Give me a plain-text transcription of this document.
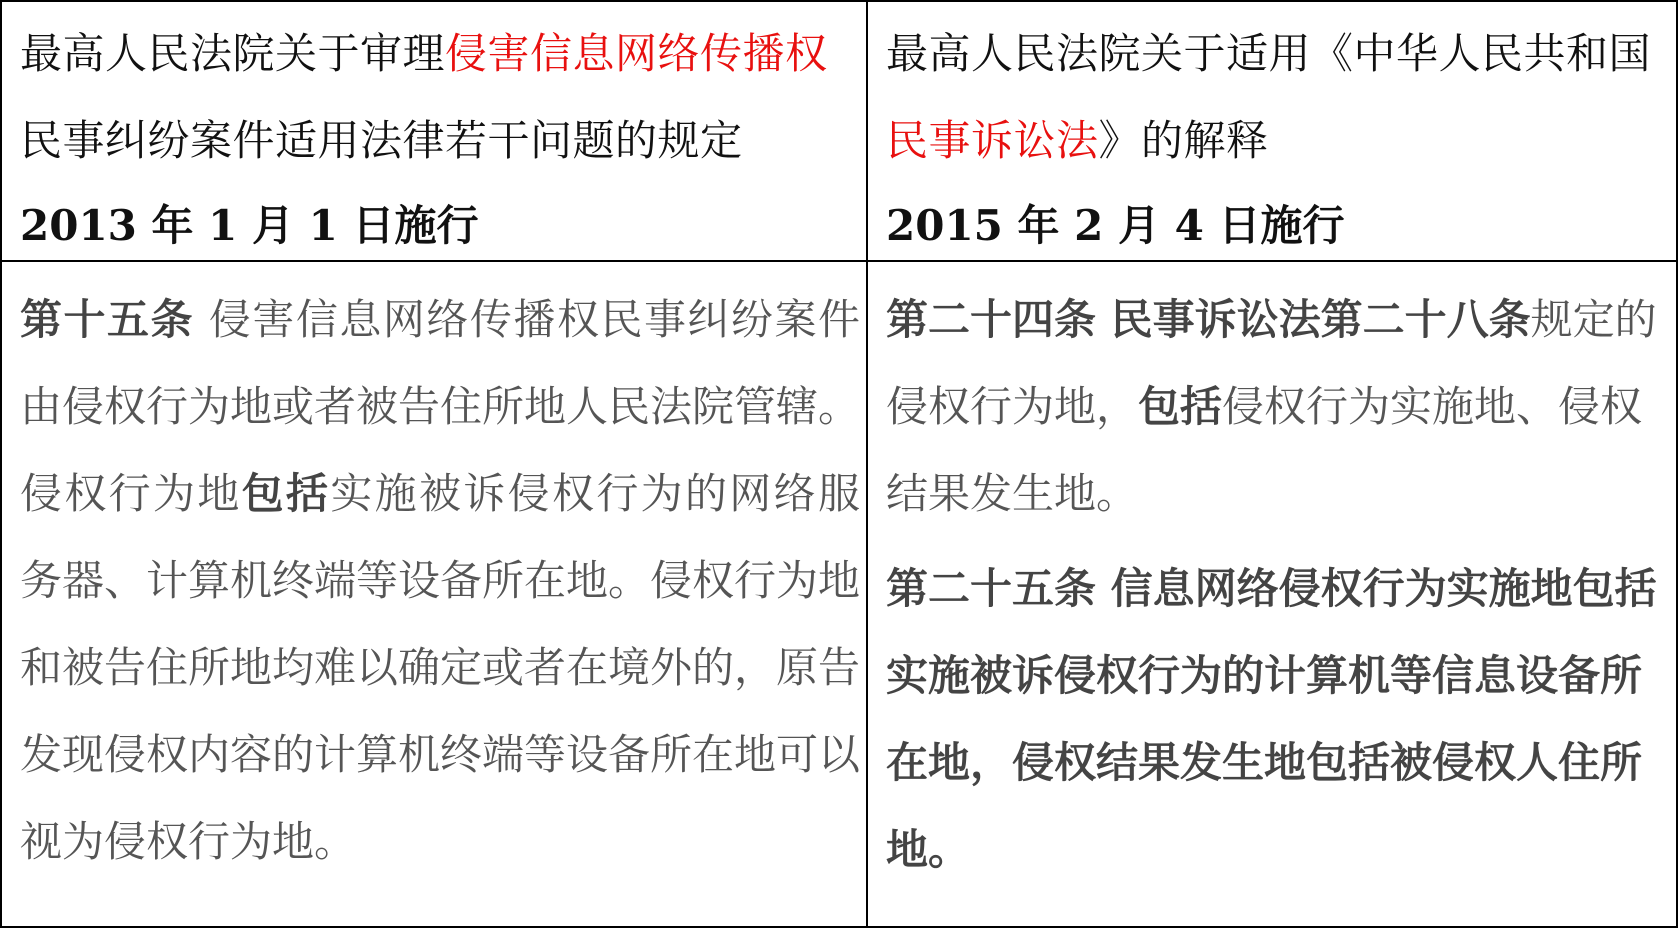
最高人民法院关于审理侵害信息网络传播权民事纠纷案件适用法律若干问题的规定
2013 年 1 月 1 日施行
最高人民法院关于适用《中华人民共和国民事诉讼法》的解释
2015 年 2 月 4 日施行
第十五条 侵害信息网络传播权民事纠纷案件由侵权行为地或者被告住所地人民法院管辖。侵权行为地包括实施被诉侵权行为的网络服务器、计算机终端等设备所在地。侵权行为地和被告住所地均难以确定或者在境外的，原告发现侵权内容的计算机终端等设备所在地可以视为侵权行为地。
第二十四条 民事诉讼法第二十八条规定的侵权行为地，包括侵权行为实施地、侵权结果发生地。
第二十五条 信息网络侵权行为实施地包括实施被诉侵权行为的计算机等信息设备所在地，侵权结果发生地包括被侵权人住所地。
